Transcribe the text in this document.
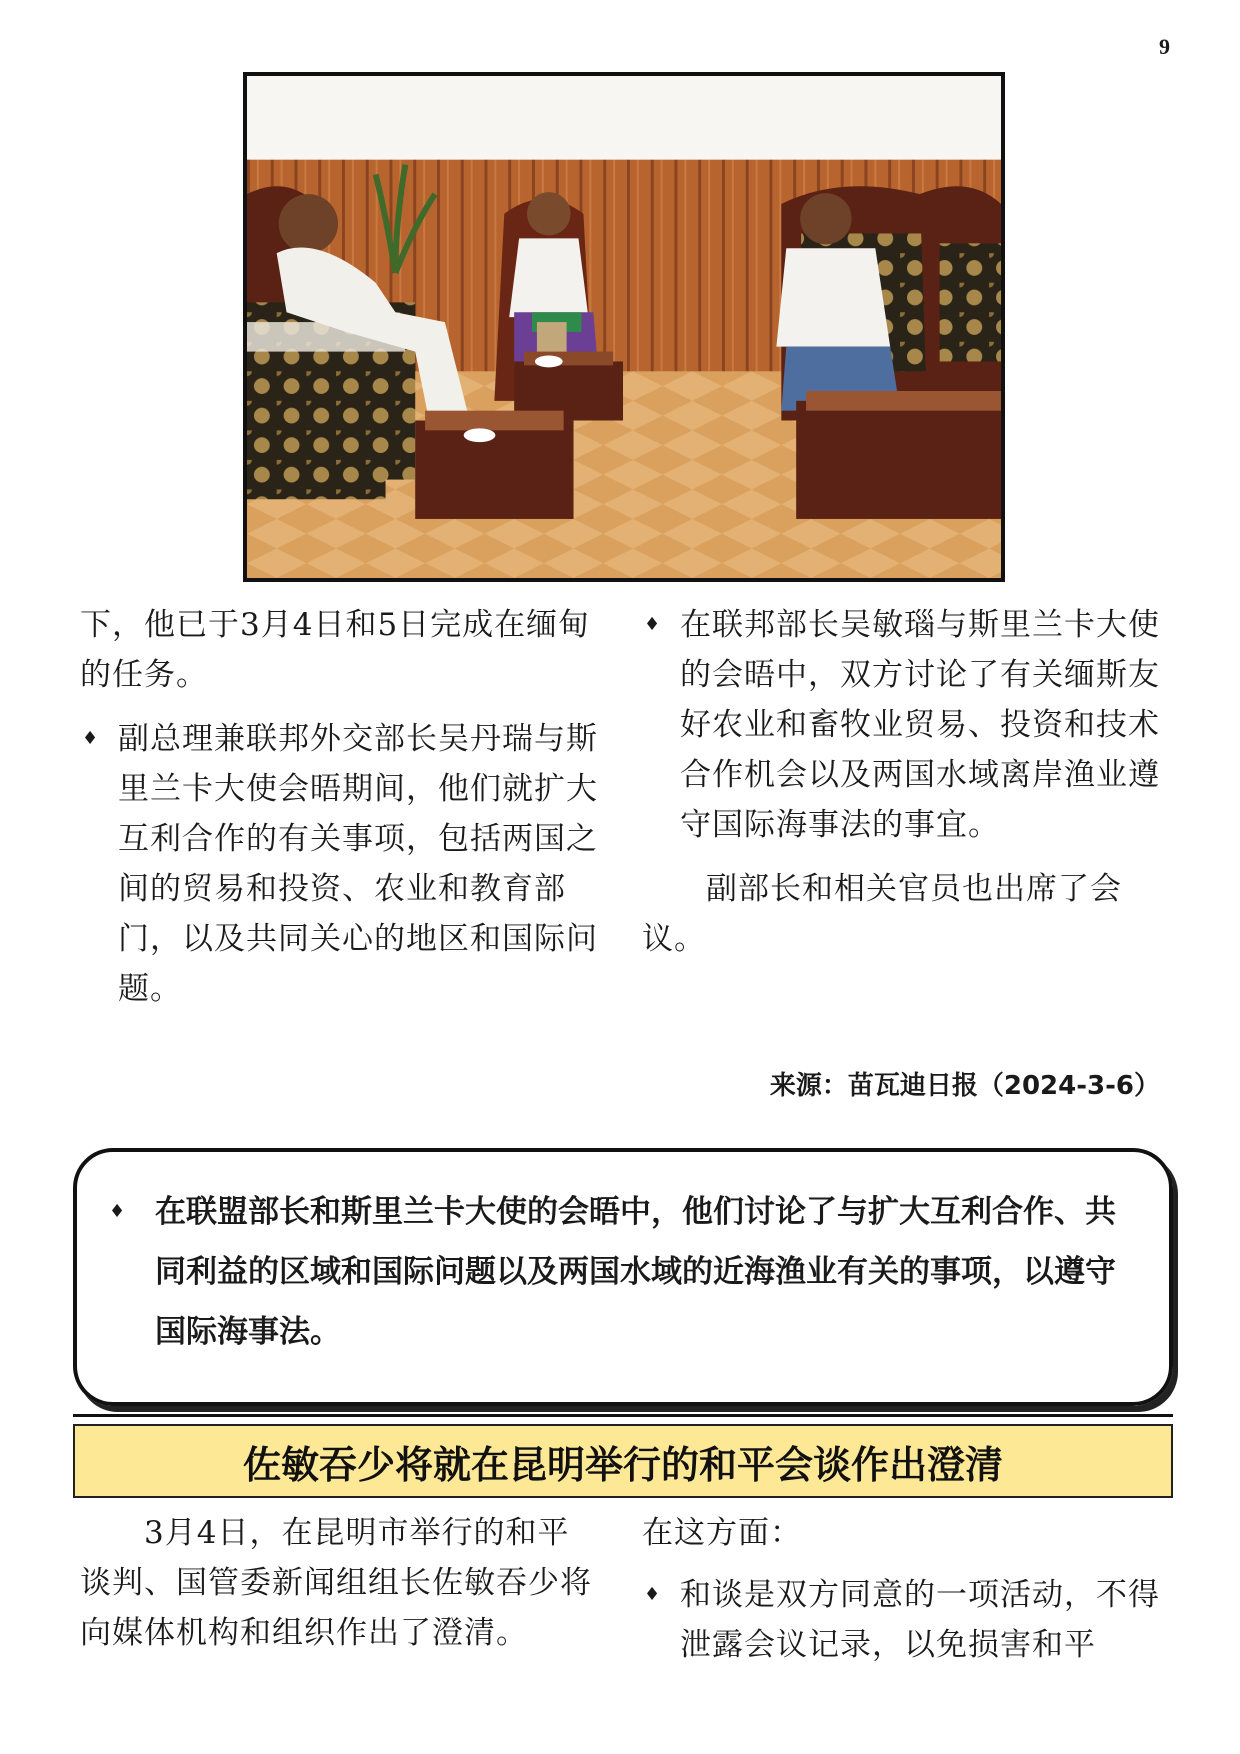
9

下，他已于3月4日和5日完成在缅甸的任务。

♦ 副总理兼联邦外交部长吴丹瑞与斯里兰卡大使会晤期间，他们就扩大互利合作的有关事项，包括两国之间的贸易和投资、农业和教育部门，以及共同关心的地区和国际问题。

♦ 在联邦部长吴敏瑙与斯里兰卡大使的会晤中，双方讨论了有关缅斯友好农业和畜牧业贸易、投资和技术合作机会以及两国水域离岸渔业遵守国际海事法的事宜。

副部长和相关官员也出席了会议。

来源：苗瓦迪日报（2024-3-6）

♦ 在联盟部长和斯里兰卡大使的会晤中，他们讨论了与扩大互利合作、共同利益的区域和国际问题以及两国水域的近海渔业有关的事项，以遵守国际海事法。

佐敏吞少将就在昆明举行的和平会谈作出澄清

3月4日，在昆明市举行的和平谈判、国管委新闻组组长佐敏吞少将向媒体机构和组织作出了澄清。

在这方面：

♦ 和谈是双方同意的一项活动，不得泄露会议记录，以免损害和平
